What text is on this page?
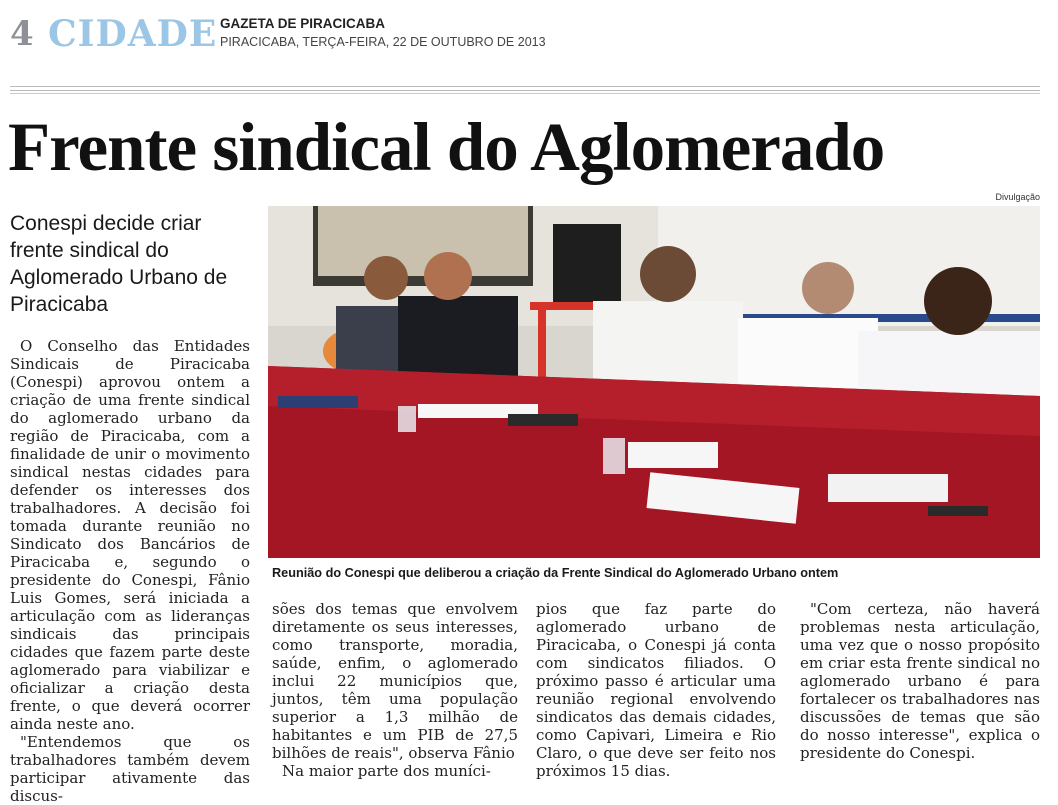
4 CIDADE GAZETA DE PIRACICABA
PIRACICABA, TERÇA-FEIRA, 22 DE OUTUBRO DE 2013
Frente sindical do Aglomerado
Divulgação
Conespi decide criar frente sindical do Aglomerado Urbano de Piracicaba
Reunião do Conespi que deliberou a criação da Frente Sindical do Aglomerado Urbano ontem

O Conselho das Entidades Sindicais de Piracicaba (Conespi) aprovou ontem a criação de uma frente sindical do aglomerado urbano da região de Piracicaba, com a finalidade de unir o movimento sindical nestas cidades para defender os interesses dos trabalhadores. A decisão foi tomada durante reunião no Sindicato dos Bancários de Piracicaba e, segundo o presidente do Conespi, Fânio Luis Gomes, será iniciada a articulação com as lideranças sindicais das principais cidades que fazem parte deste aglomerado para viabilizar e oficializar a criação desta frente, o que deverá ocorrer ainda neste ano.

"Entendemos que os trabalhadores também devem participar ativamente das discus-

sões dos temas que envolvem diretamente os seus interesses, como transporte, moradia, saúde, enfim, o aglomerado inclui 22 municípios que, juntos, têm uma população superior a 1,3 milhão de habitantes e um PIB de 27,5 bilhões de reais", observa Fânio

Na maior parte dos muníci-

pios que faz parte do aglomerado urbano de Piracicaba, o Conespi já conta com sindicatos filiados. O próximo passo é articular uma reunião regional envolvendo sindicatos das demais cidades, como Capivari, Limeira e Rio Claro, o que deve ser feito nos próximos 15 dias.

"Com certeza, não haverá problemas nesta articulação, uma vez que o nosso propósito em criar esta frente sindical no aglomerado urbano é para fortalecer os trabalhadores nas discussões de temas que são do nosso interesse", explica o presidente do Conespi.
